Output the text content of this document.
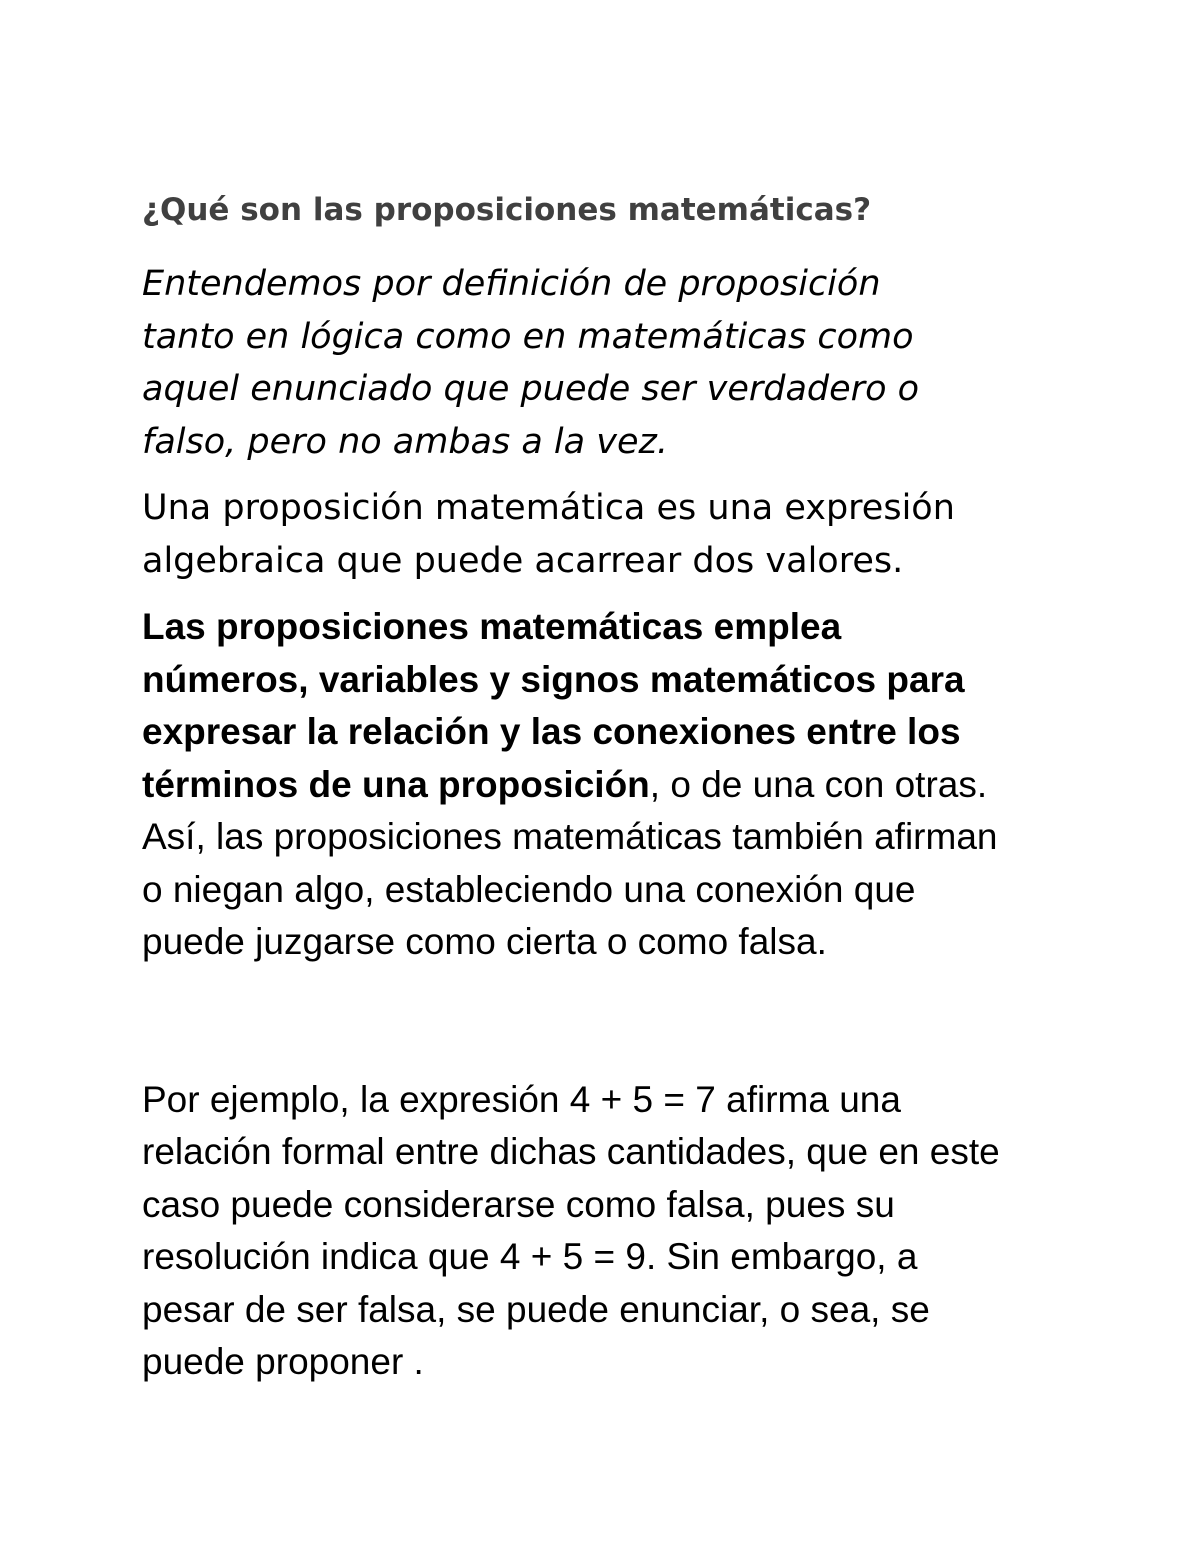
¿Qué son las proposiciones matemáticas?
Entendemos por definición de proposición
tanto en lógica como en matemáticas como
aquel enunciado que puede ser verdadero o
falso, pero no ambas a la vez.
Una proposición matemática es una expresión
algebraica que puede acarrear dos valores.
Las proposiciones matemáticas emplea
números, variables y signos matemáticos para
expresar la relación y las conexiones entre los
términos de una proposición, o de una con otras.
Así, las proposiciones matemáticas también afirman
o niegan algo, estableciendo una conexión que
puede juzgarse como cierta o como falsa.
Por ejemplo, la expresión 4 + 5 = 7 afirma una
relación formal entre dichas cantidades, que en este
caso puede considerarse como falsa, pues su
resolución indica que 4 + 5 = 9. Sin embargo, a
pesar de ser falsa, se puede enunciar, o sea, se
puede proponer .
